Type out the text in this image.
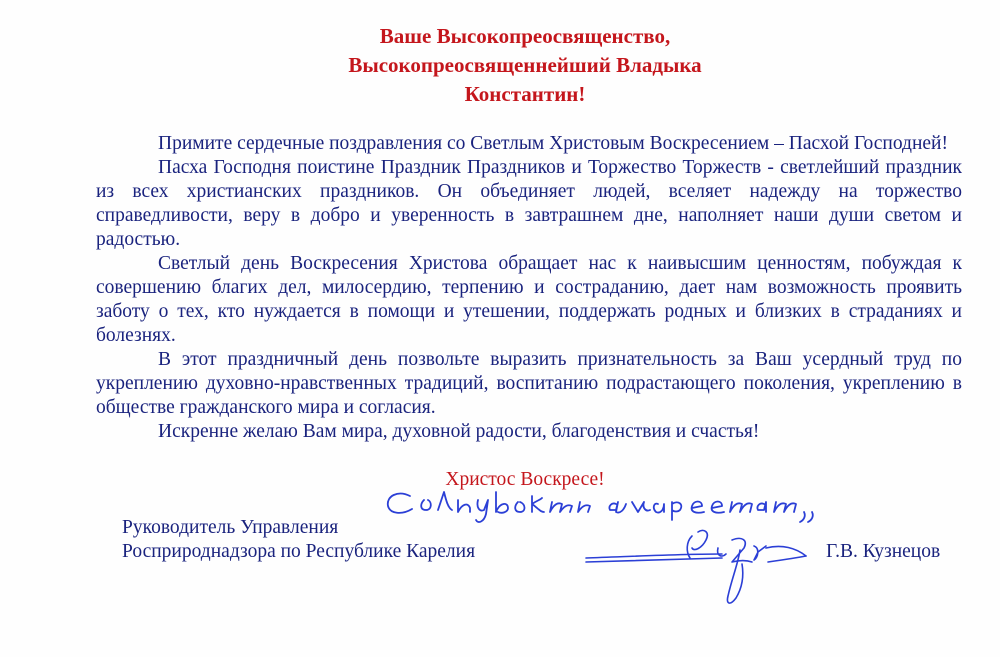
Ваше Высокопреосвященство,
Высокопреосвященнейший Владыка
Константин!

Примите сердечные поздравления со Светлым Христовым Воскресением – Пасхой Господней!

Пасха Господня поистине Праздник Праздников и Торжество Торжеств - светлейший праздник из всех христианских праздников. Он объединяет людей, вселяет надежду на торжество справедливости, веру в добро и уверенность в завтрашнем дне, наполняет наши души светом и радостью.

Светлый день Воскресения Христова обращает нас к наивысшим ценностям, побуждая к совершению благих дел, милосердию, терпению и состраданию, дает нам возможность проявить заботу о тех, кто нуждается в помощи и утешении, поддержать родных и близких в страданиях и болезнях.

В этот праздничный день позвольте выразить признательность за Ваш усердный труд по укреплению духовно-нравственных традиций, воспитанию подрастающего поколения, укреплению в обществе гражданского мира и согласия.

Искренне желаю Вам мира, духовной радости, благоденствия и счастья!

Христос Воскресе!
Руководитель Управления
Росприроднадзора по Республике Карелия	Г.В. Кузнецов
